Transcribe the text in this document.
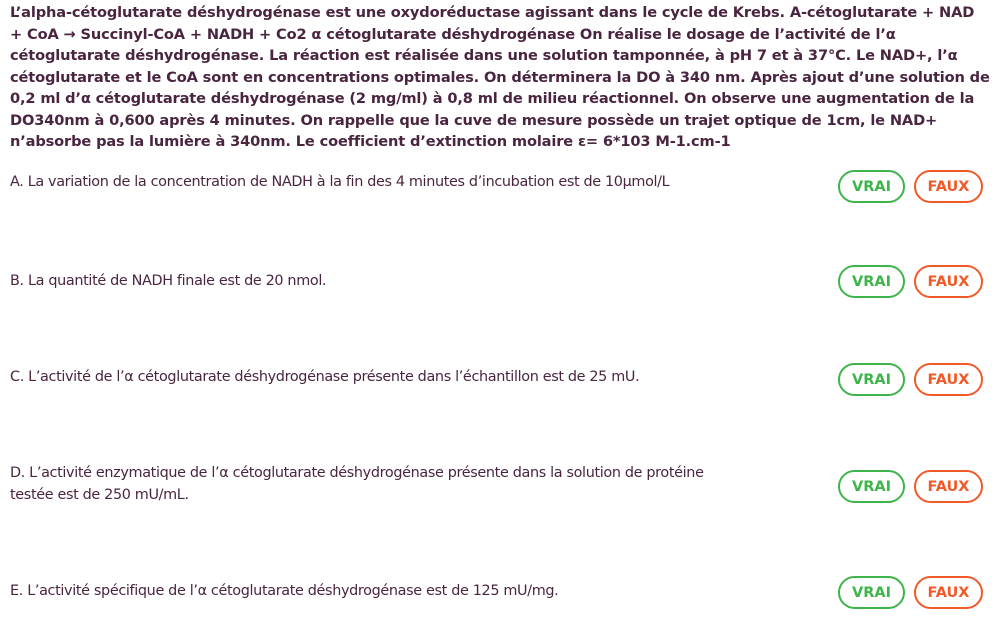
L’alpha-cétoglutarate déshydrogénase est une oxydoréductase agissant dans le cycle de Krebs. A-cétoglutarate + NAD
+ CoA → Succinyl-CoA + NADH + Co2 α cétoglutarate déshydrogénase On réalise le dosage de l’activité de l’α
cétoglutarate déshydrogénase. La réaction est réalisée dans une solution tamponnée, à pH 7 et à 37°C. Le NAD+, l’α
cétoglutarate et le CoA sont en concentrations optimales. On déterminera la DO à 340 nm. Après ajout d’une solution de
0,2 ml d’α cétoglutarate déshydrogénase (2 mg/ml) à 0,8 ml de milieu réactionnel. On observe une augmentation de la
DO340nm à 0,600 après 4 minutes. On rappelle que la cuve de mesure possède un trajet optique de 1cm, le NAD+
n’absorbe pas la lumière à 340nm. Le coefficient d’extinction molaire ε= 6*103 M-1.cm-1
A. La variation de la concentration de NADH à la fin des 4 minutes d’incubation est de 10µmol/L	VRAI	FAUX
B. La quantité de NADH finale est de 20 nmol.	VRAI	FAUX
C. L’activité de l’α cétoglutarate déshydrogénase présente dans l’échantillon est de 25 mU.	VRAI	FAUX
D. L’activité enzymatique de l’α cétoglutarate déshydrogénase présente dans la solution de protéine
testée est de 250 mU/mL.	VRAI	FAUX
E. L’activité spécifique de l’α cétoglutarate déshydrogénase est de 125 mU/mg.	VRAI	FAUX
